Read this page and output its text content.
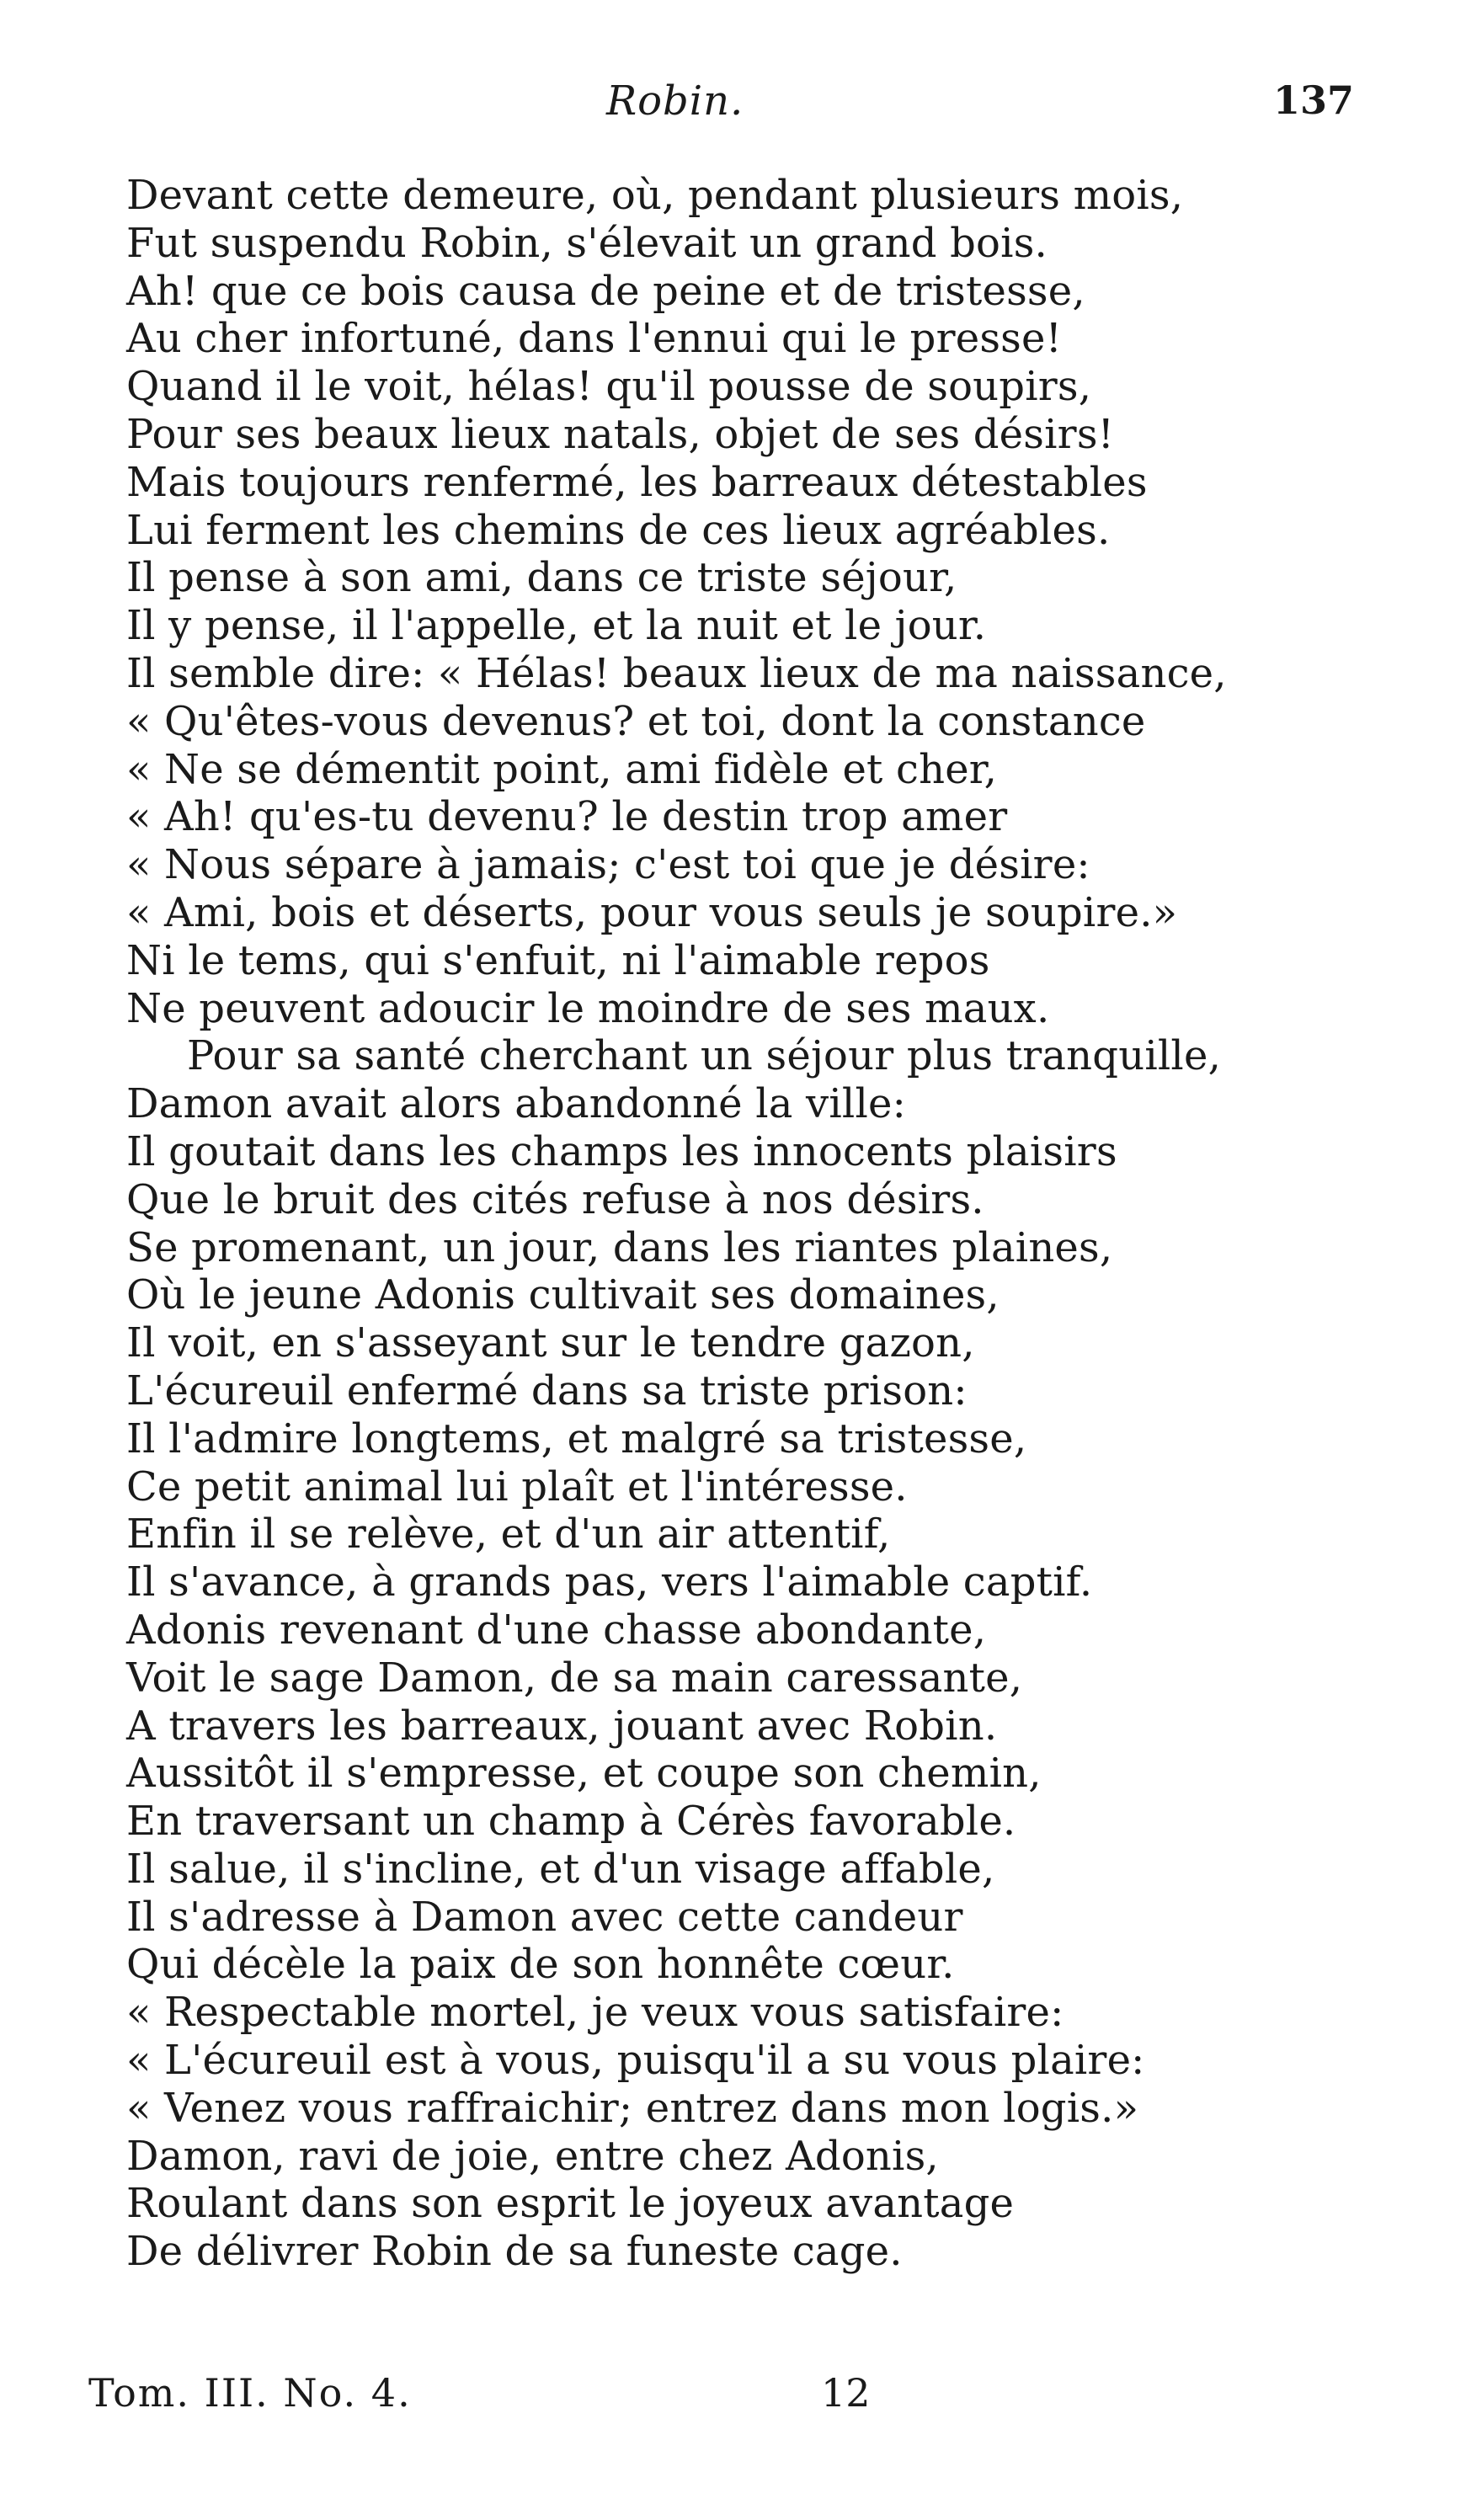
Robin.	137
Devant cette demeure, où, pendant plusieurs mois,
Fut suspendu Robin, s'élevait un grand bois.
Ah! que ce bois causa de peine et de tristesse,
Au cher infortuné, dans l'ennui qui le presse!
Quand il le voit, hélas! qu'il pousse de soupirs,
Pour ses beaux lieux natals, objet de ses désirs!
Mais toujours renfermé, les barreaux détestables
Lui ferment les chemins de ces lieux agréables.
Il pense à son ami, dans ce triste séjour,
Il y pense, il l'appelle, et la nuit et le jour.
Il semble dire: « Hélas! beaux lieux de ma naissance,
« Qu'êtes-vous devenus? et toi, dont la constance
« Ne se démentit point, ami fidèle et cher,
« Ah! qu'es-tu devenu? le destin trop amer
« Nous sépare à jamais; c'est toi que je désire:
« Ami, bois et déserts, pour vous seuls je soupire.»
Ni le tems, qui s'enfuit, ni l'aimable repos
Ne peuvent adoucir le moindre de ses maux.
Pour sa santé cherchant un séjour plus tranquille,
Damon avait alors abandonné la ville:
Il goutait dans les champs les innocents plaisirs
Que le bruit des cités refuse à nos désirs.
Se promenant, un jour, dans les riantes plaines,
Où le jeune Adonis cultivait ses domaines,
Il voit, en s'asseyant sur le tendre gazon,
L'écureuil enfermé dans sa triste prison:
Il l'admire longtems, et malgré sa tristesse,
Ce petit animal lui plaît et l'intéresse.
Enfin il se relève, et d'un air attentif,
Il s'avance, à grands pas, vers l'aimable captif.
Adonis revenant d'une chasse abondante,
Voit le sage Damon, de sa main caressante,
A travers les barreaux, jouant avec Robin.
Aussitôt il s'empresse, et coupe son chemin,
En traversant un champ à Cérès favorable.
Il salue, il s'incline, et d'un visage affable,
Il s'adresse à Damon avec cette candeur
Qui décèle la paix de son honnête cœur.
« Respectable mortel, je veux vous satisfaire:
« L'écureuil est à vous, puisqu'il a su vous plaire:
« Venez vous raffraichir; entrez dans mon logis.»
Damon, ravi de joie, entre chez Adonis,
Roulant dans son esprit le joyeux avantage
De délivrer Robin de sa funeste cage.
Tom. III. No. 4.	12
